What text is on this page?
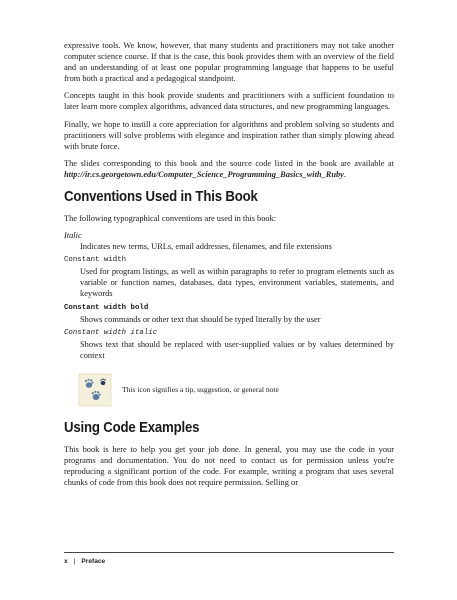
expressive tools. We know, however, that many students and practitioners may not take another computer science course. If that is the case, this book provides them with an overview of the field and an understanding of at least one popular programming language that happens to be useful from both a practical and a pedagogical standpoint.

Concepts taught in this book provide students and practitioners with a sufficient foundation to later learn more complex algorithms, advanced data structures, and new programming languages.

Finally, we hope to instill a core appreciation for algorithms and problem solving so students and practitioners will solve problems with elegance and inspiration rather than simply plowing ahead with brute force.

The slides corresponding to this book and the source code listed in the book are available at http://ir.cs.georgetown.edu/Computer_Science_Programming_Basics_with_Ruby.

Conventions Used in This Book

The following typographical conventions are used in this book:

Italic

Indicates new terms, URLs, email addresses, filenames, and file extensions

Constant width

Used for program listings, as well as within paragraphs to refer to program elements such as variable or function names, databases, data types, environment variables, statements, and keywords

Constant width bold

Shows commands or other text that should be typed literally by the user

Constant width italic

Shows text that should be replaced with user-supplied values or by values determined by context

This icon signifies a tip, suggestion, or general note
Using Code Examples

This book is here to help you get your job done. In general, you may use the code in your programs and documentation. You do not need to contact us for permission unless you're reproducing a significant portion of the code. For example, writing a program that uses several chunks of code from this book does not require permission. Selling or

x | Preface
